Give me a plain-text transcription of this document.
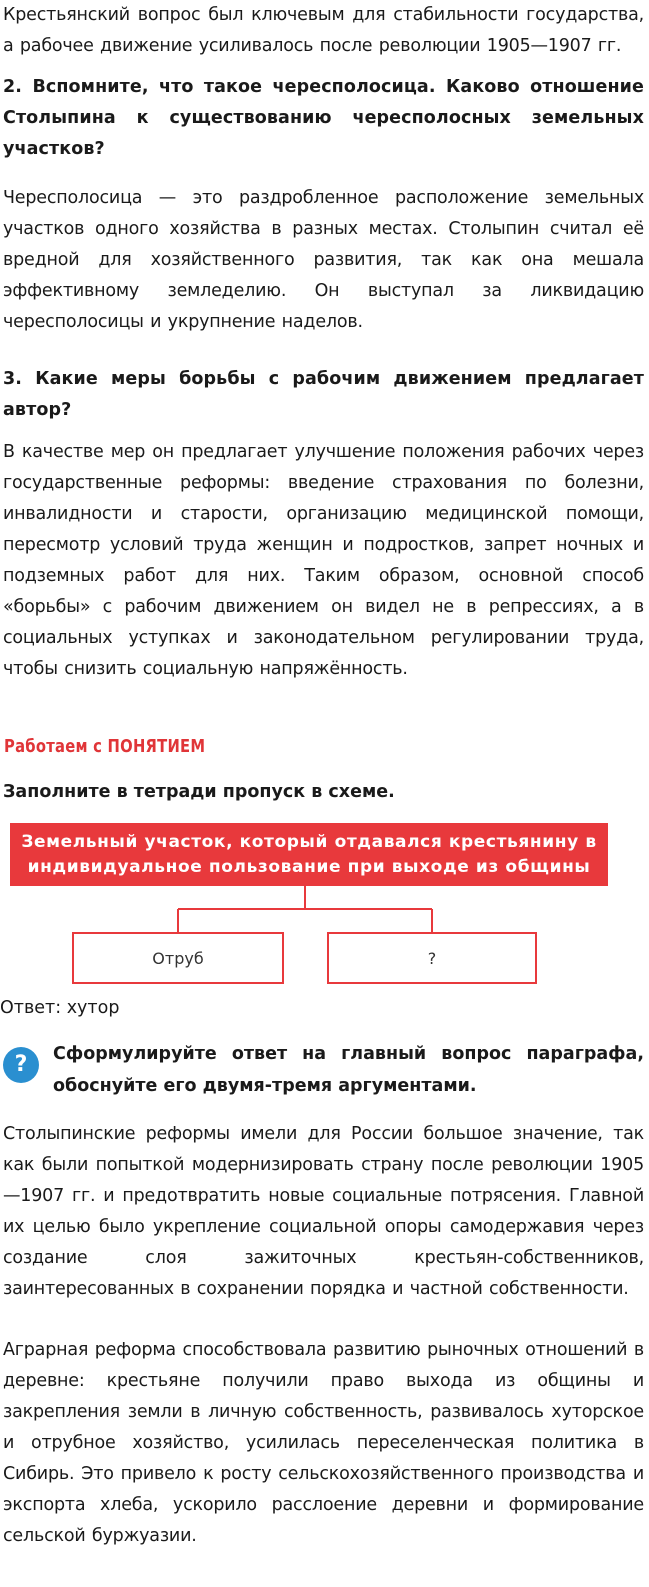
Крестьянский вопрос был ключевым для стабильности государства, а рабочее движение усиливалось после революции 1905—1907 гг.

2. Вспомните, что такое чересполосица. Каково отношение Столыпина к существованию чересполосных земельных участков?

Чересполосица — это раздробленное расположение земельных участков одного хозяйства в разных местах. Столыпин считал её вредной для хозяйственного развития, так как она мешала эффективному земледелию. Он выступал за ликвидацию чересполосицы и укрупнение наделов.

3. Какие меры борьбы с рабочим движением предлагает автор?

В качестве мер он предлагает улучшение положения рабочих через государственные реформы: введение страхования по болезни, инвалидности и старости, организацию медицинской помощи, пересмотр условий труда женщин и подростков, запрет ночных и подземных работ для них. Таким образом, основной способ «борьбы» с рабочим движением он видел не в репрессиях, а в социальных уступках и законодательном регулировании труда, чтобы снизить социальную напряжённость.

Работаем с ПОНЯТИЕМ
Заполните в тетради пропуск в схеме.
Земельный участок, который отдавался крестьянину в индивидуальное пользование при выходе из общины
Отруб	?
Ответ: хутор
?	Сформулируйте ответ на главный вопрос параграфа, обоснуйте его двумя-тремя аргументами.

Столыпинские реформы имели для России большое значение, так как были попыткой модернизировать страну после революции 1905—1907 гг. и предотвратить новые социальные потрясения. Главной их целью было укрепление социальной опоры самодержавия через создание слоя зажиточных крестьян-собственников, заинтересованных в сохранении порядка и частной собственности.

Аграрная реформа способствовала развитию рыночных отношений в деревне: крестьяне получили право выхода из общины и закрепления земли в личную собственность, развивалось хуторское и отрубное хозяйство, усилилась переселенческая политика в Сибирь. Это привело к росту сельскохозяйственного производства и экспорта хлеба, ускорило расслоение деревни и формирование сельской буржуазии.
